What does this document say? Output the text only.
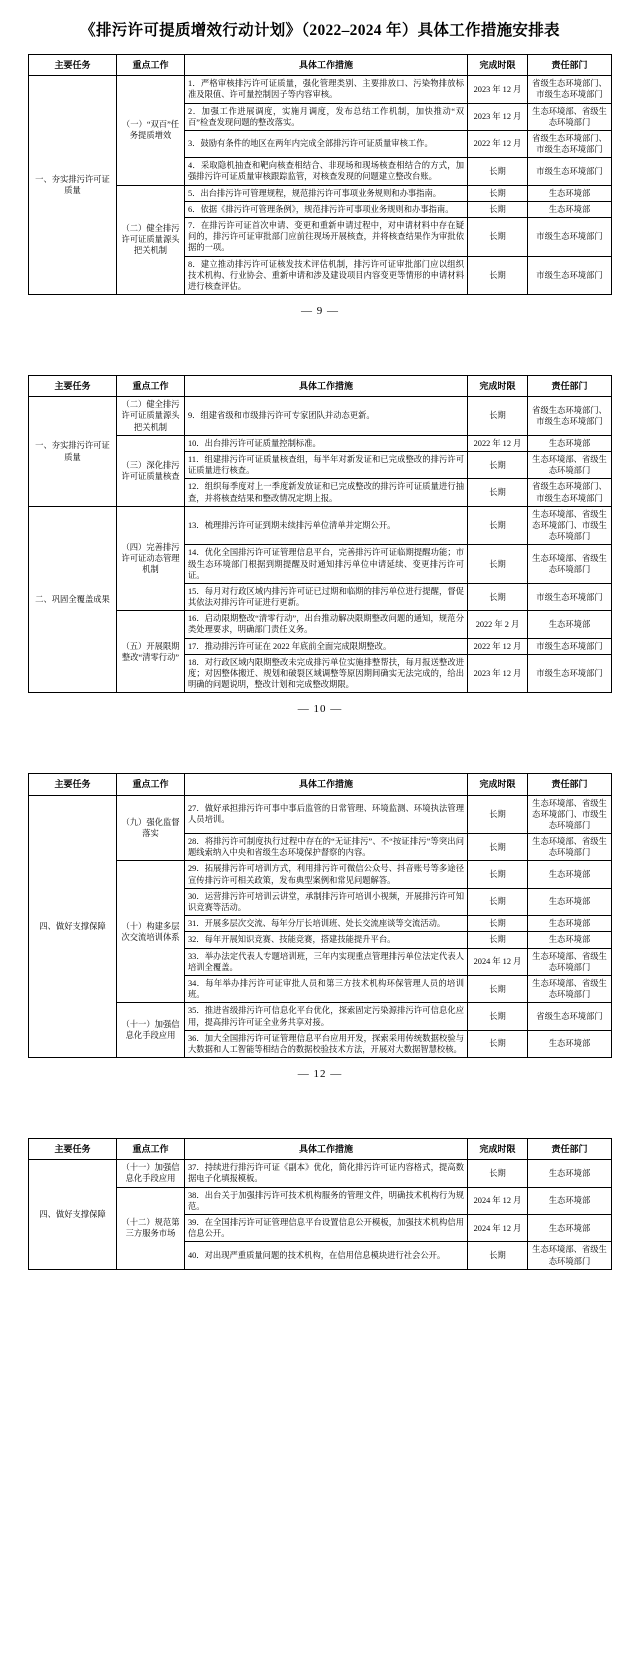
《排污许可提质增效行动计划》（2022–2024 年）具体工作措施安排表
主要任务	重点工作	具体工作措施	完成时限	责任部门
一、夯实排污许可证质量	（一）“双百”任务提质增效	1．严格审核排污许可证质量，强化管理类别、主要排放口、污染物排放标准及限值、许可量控制因子等内容审核。	2023 年 12 月	省级生态环境部门、市级生态环境部门
		2．加强工作进展调度，实施月调度，发布总结工作机制，加快推动“双百”检查发现问题的整改落实。	2023 年 12 月	生态环境部、省级生态环境部门
		3．鼓励有条件的地区在两年内完成全部排污许可证质量审核工作。	2022 年 12 月	省级生态环境部门、市级生态环境部门
		4．采取隐机抽查和靶向核查相结合、非现场和现场核查相结合的方式，加强排污许可证质量审核跟踪监管，对核查发现的问题建立整改台账。	长期	市级生态环境部门
	（二）健全排污许可证质量源头把关机制	5．出台排污许可管理规程，规范排污许可事项业务规则和办事指南。	长期	生态环境部
		6．依据《排污许可管理条例》，规范排污许可事项业务规则和办事指南。	长期	生态环境部
		7．在排污许可证首次申请、变更和重新申请过程中，对申请材料中存在疑问的，排污许可证审批部门应前往现场开展核查，并将核查结果作为审批依据的一项。	长期	市级生态环境部门
		8．建立推动排污许可证核发技术评估机制，排污许可证审批部门应以组织技术机构、行业协会、重新申请和涉及建设项目内容变更等情形的申请材料进行核查评估。	长期	市级生态环境部门
— 9 —
主要任务	重点工作	具体工作措施	完成时限	责任部门
一、夯实排污许可证质量	（二）健全排污许可证质量源头把关机制	9．组建省级和市级排污许可专家团队并动态更新。	长期	省级生态环境部门、市级生态环境部门
	（三）深化排污许可证质量核查	10．出台排污许可证质量控制标准。	2022 年 12 月	生态环境部
		11．组建排污许可证质量核查组，每半年对新发证和已完成整改的排污许可证质量进行核查。	长期	生态环境部、省级生态环境部门
		12．组织每季度对上一季度新发放证和已完成整改的排污许可证质量进行抽查，并将核查结果和整改情况定期上报。	长期	省级生态环境部门、市级生态环境部门
二、巩固全覆盖成果	（四）完善排污许可证动态管理机制	13．梳理排污许可证到期未续排污单位清单并定期公开。	长期	生态环境部、省级生态环境部门、市级生态环境部门
		14．优化全国排污许可证管理信息平台，完善排污许可证临期提醒功能；市级生态环境部门根据到期提醒及时通知排污单位申请延续、变更排污许可证。	长期	生态环境部、省级生态环境部门
		15．每月对行政区域内排污许可证已过期和临期的排污单位进行提醒，督促其依法对排污许可证进行更新。	长期	市级生态环境部门
	（五）开展限期整改“清零行动”	16．启动限期整改“清零行动”，出台推动解决限期整改问题的通知，规范分类处理要求，明确部门责任义务。	2022 年 2 月	生态环境部
		17．推动排污许可证在 2022 年底前全面完成限期整改。	2022 年 12 月	市级生态环境部门
		18．对行政区域内限期整改未完成排污单位实施排整帮扶，每月报送整改进度；对因整体搬迁、规划和破裂区域调整等原因期间确实无法完成的，给出明确的问题说明，整改计划和完成整改期限。	2023 年 12 月	市级生态环境部门
— 10 —
主要任务	重点工作	具体工作措施	完成时限	责任部门
四、做好支撑保障	（九）强化监督落实	27．做好承担排污许可事中事后监管的日常管理、环境监测、环境执法管理人员培训。	长期	生态环境部、省级生态环境部门、市级生态环境部门
		28．将排污许可制度执行过程中存在的“无证排污”、不“按证排污”等突出问题线索纳入中央和省级生态环境保护督察的内容。	长期	生态环境部、省级生态环境部门
	（十）构建多层次交流培训体系	29．拓展排污许可培训方式，利用排污许可微信公众号、抖音账号等多途径宣传排污许可相关政策，发布典型案例和常见问题解答。	长期	生态环境部
		30．运营排污许可培训云讲堂，承制排污许可培训小视频，开展排污许可知识竞赛等活动。	长期	生态环境部
		31．开展多层次交流、每年分厅长培训班、处长交流座谈等交流活动。	长期	生态环境部
		32．每年开展知识竞赛、技能竞赛，搭建技能提升平台。	长期	生态环境部
		33．举办法定代表人专题培训班，三年内实现重点管理排污单位法定代表人培训全覆盖。	2024 年 12 月	生态环境部、省级生态环境部门
		34．每年举办排污许可证审批人员和第三方技术机构环保管理人员的培训班。	长期	生态环境部、省级生态环境部门
	（十一）加强信息化手段应用	35．推进省级排污许可信息化平台优化，探索固定污染源排污许可信息化应用，提高排污许可证全业务共享对接。	长期	省级生态环境部门
		36．加大全国排污许可证管理信息平台应用开发，探索采用传统数据校验与大数据和人工智能等相结合的数据校验技术方法，开展对大数据智慧校核。	长期	生态环境部
— 12 —
主要任务	重点工作	具体工作措施	完成时限	责任部门
四、做好支撑保障	（十一）加强信息化手段应用	37．持续进行排污许可证《副本》优化，简化排污许可证内容格式，提高数据电子化填报模板。	长期	生态环境部
	（十二）规范第三方服务市场	38．出台关于加强排污许可技术机构服务的管理文件，明确技术机构行为规范。	2024 年 12 月	生态环境部
		39．在全国排污许可证管理信息平台设置信息公开模板，加强技术机构信用信息公开。	2024 年 12 月	生态环境部
		40．对出现严重质量问题的技术机构，在信用信息模块进行社会公开。	长期	生态环境部、省级生态环境部门
